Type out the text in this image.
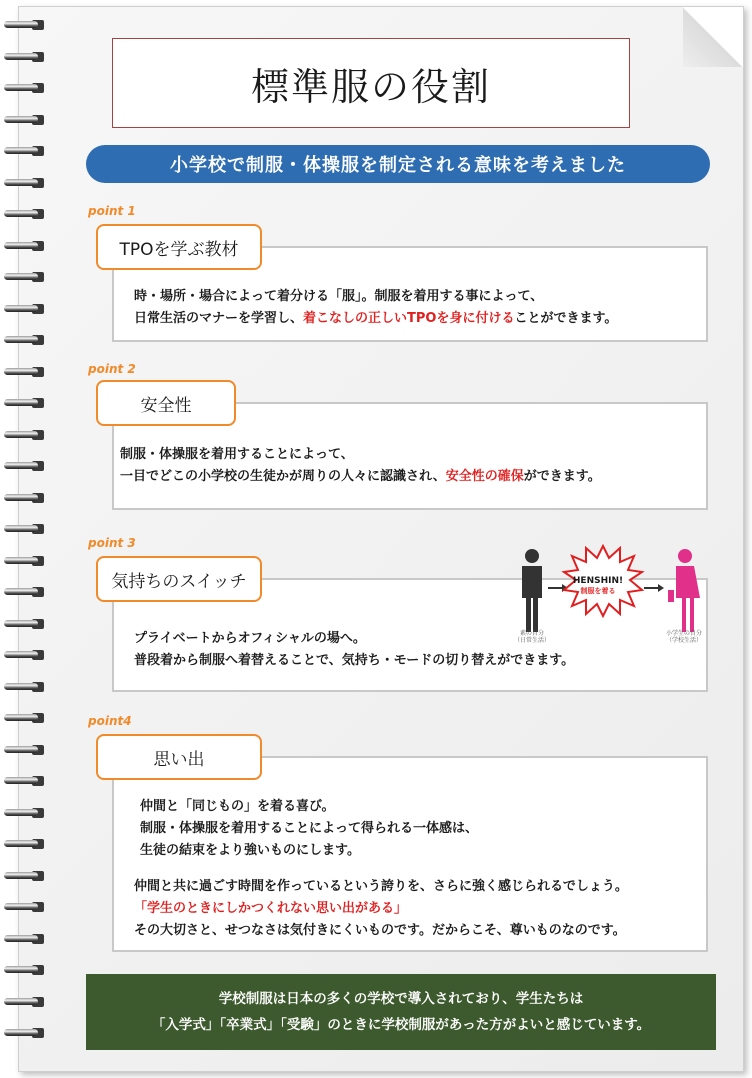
標準服の役割
小学校で制服・体操服を制定される意味を考えました
point 1
TPOを学ぶ教材
時・場所・場合によって着分ける「服」。制服を着用する事によって、
日常生活のマナーを学習し、着こなしの正しいTPOを身に付けることができます。
point 2
安全性
制服・体操服を着用することによって、
一目でどこの小学校の生徒かが周りの人々に認識され、安全性の確保ができます。
point 3
気持ちのスイッチ
プライベートからオフィシャルの場へ。
普段着から制服へ着替えることで、気持ち・モードの切り替えができます。
HENSHIN!
制服を着る
素の自分
（日常生活）
小学生の自分
（学校生活）
point4
思い出
仲間と「同じもの」を着る喜び。
制服・体操服を着用することによって得られる一体感は、
生徒の結束をより強いものにします。
仲間と共に過ごす時間を作っているという誇りを、さらに強く感じられるでしょう。
「学生のときにしかつくれない思い出がある」
その大切さと、せつなさは気付きにくいものです。だからこそ、尊いものなのです。
学校制服は日本の多くの学校で導入されており、学生たちは
「入学式」「卒業式」「受験」のときに学校制服があった方がよいと感じています。
